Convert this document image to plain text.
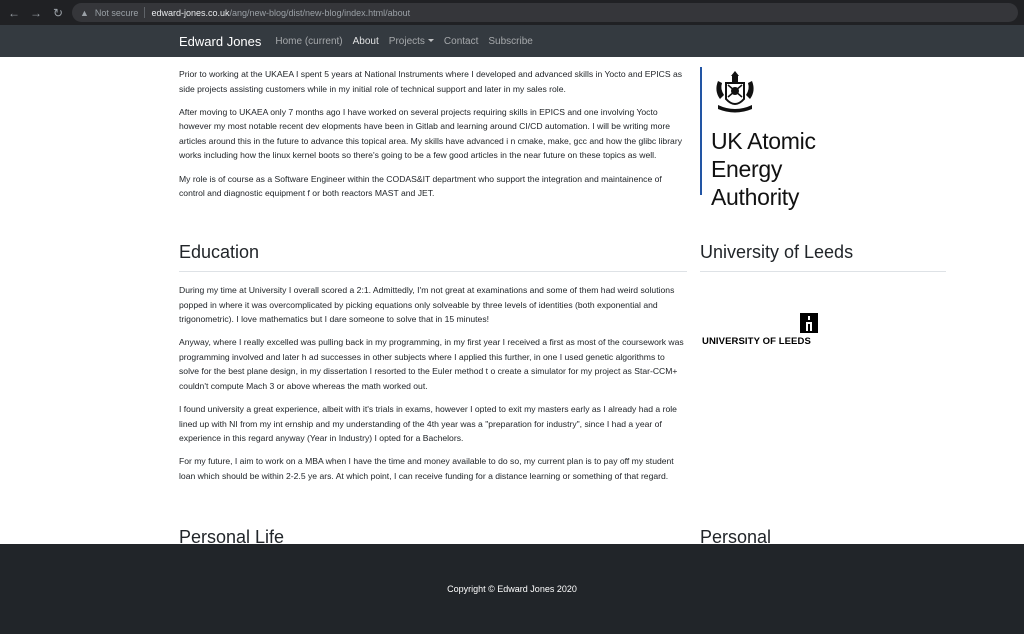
← → ↻	▲ Not secure edward-jones.co.uk/ang/new-blog/dist/new-blog/index.html/about
Edward Jones Home (current) About Projects	Contact Subscribe

Prior to working at the UKAEA I spent 5 years at National Instruments where I developed and advanced skills in Yocto and EPICS as side projects assisting customers while in my initial role of technical support and later in my sales role.

After moving to UKAEA only 7 months ago I have worked on several projects requiring skills in EPICS and one involving Yocto however my most notable recent dev elopments have been in Gitlab and learning around CI/CD automation. I will be writing more articles around this in the future to advance this topical area. My skills have advanced i n cmake, make, gcc and how the glibc library works including how the linux kernel boots so there's going to be a few good articles in the near future on these topics as well.

My role is of course as a Software Engineer within the CODAS&IT department who support the integration and maintainence of control and diagnostic equipment f or both reactors MAST and JET.

Education

During my time at University I overall scored a 2:1. Admittedly, I'm not great at examinations and some of them had weird solutions popped in where it was overcomplicated by picking equations only solveable by three levels of identities (both exponential and trigonometric). I love mathematics but I dare someone to solve that in 15 minutes!

Anyway, where I really excelled was pulling back in my programming, in my first year I received a first as most of the coursework was programming involved and later h ad successes in other subjects where I applied this further, in one I used genetic algorithms to solve for the best plane design, in my dissertation I resorted to the Euler method t o create a simulator for my project as Star-CCM+ couldn't compute Mach 3 or above whereas the math worked out.

I found university a great experience, albeit with it's trials in exams, however I opted to exit my masters early as I already had a role lined up with NI from my int ernship and my understanding of the 4th year was a "preparation for industry", since I had a year of experience in this regard anyway (Year in Industry) I opted for a Bachelors.

For my future, I aim to work on a MBA when I have the time and money available to do so, my current plan is to pay off my student loan which should be within 2-2.5 ye ars. At which point, I can receive funding for a distance learning or something of that regard.

Personal Life
UK Atomic
Energy
Authority
University of Leeds
UNIVERSITY OF LEEDS
Personal
Copyright © Edward Jones 2020
